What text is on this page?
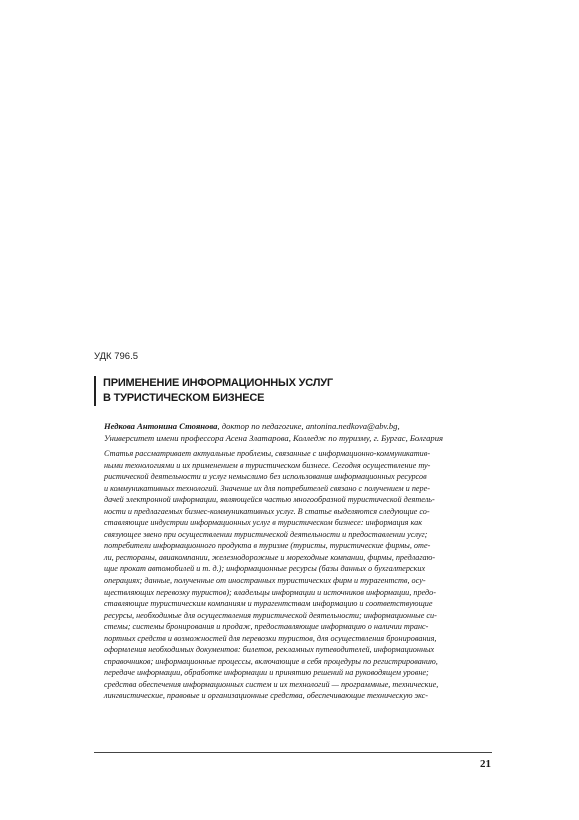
УДК 796.5
ПРИМЕНЕНИЕ ИНФОРМАЦИОННЫХ УСЛУГ
В ТУРИСТИЧЕСКОМ БИЗНЕСЕ
Недкова Антонина Стоянова, доктор по педагогике, antonina.nedkova@abv.bg,
Университет имени профессора Асена Златарова, Колледж по туризму, г. Бургас, Болгария
Статья рассматривает актуальные проблемы, связанные с информационно-коммуникатив-
ными технологиями и их применением в туристическом бизнесе. Сегодня осуществление ту-
ристической деятельности и услуг немыслимо без использования информационных ресурсов
и коммуникативных технологий. Значение их для потребителей связано с получением и пере-
дачей электронной информации, являющейся частью многообразной туристической деятель-
ности и предлагаемых бизнес-коммуникативных услуг. В статье выделяются следующие со-
ставляющие индустрии информационных услуг в туристическом бизнесе: информация как
связующее звено при осуществлении туристической деятельности и предоставлении услуг;
потребители информационного продукта в туризме (туристы, туристические фирмы, оте-
ли, рестораны, авиакомпании, железнодорожные и мореходные компании, фирмы, предлагаю-
щие прокат автомобилей и т. д.); информационные ресурсы (базы данных о бухгалтерских
операциях; данные, полученные от иностранных туристических фирм и турагентств, осу-
ществляющих перевозку туристов); владельцы информации и источников информации, предо-
ставляющие туристическим компаниям и турагентствам информацию и соответствующие
ресурсы, необходимые для осуществления туристической деятельности; информационные си-
стемы; системы бронирования и продаж, предоставляющие информацию о наличии транс-
портных средств и возможностей для перевозки туристов, для осуществления бронирования,
оформления необходимых документов: билетов, рекламных путеводителей, информационных
справочников; информационные процессы, включающие в себя процедуры по регистрированию,
передаче информации, обработке информации и принятию решений на руководящем уровне;
средства обеспечения информационных систем и их технологий — программные, технические,
лингвистические, правовые и организационные средства, обеспечивающие техническую экс-
21
